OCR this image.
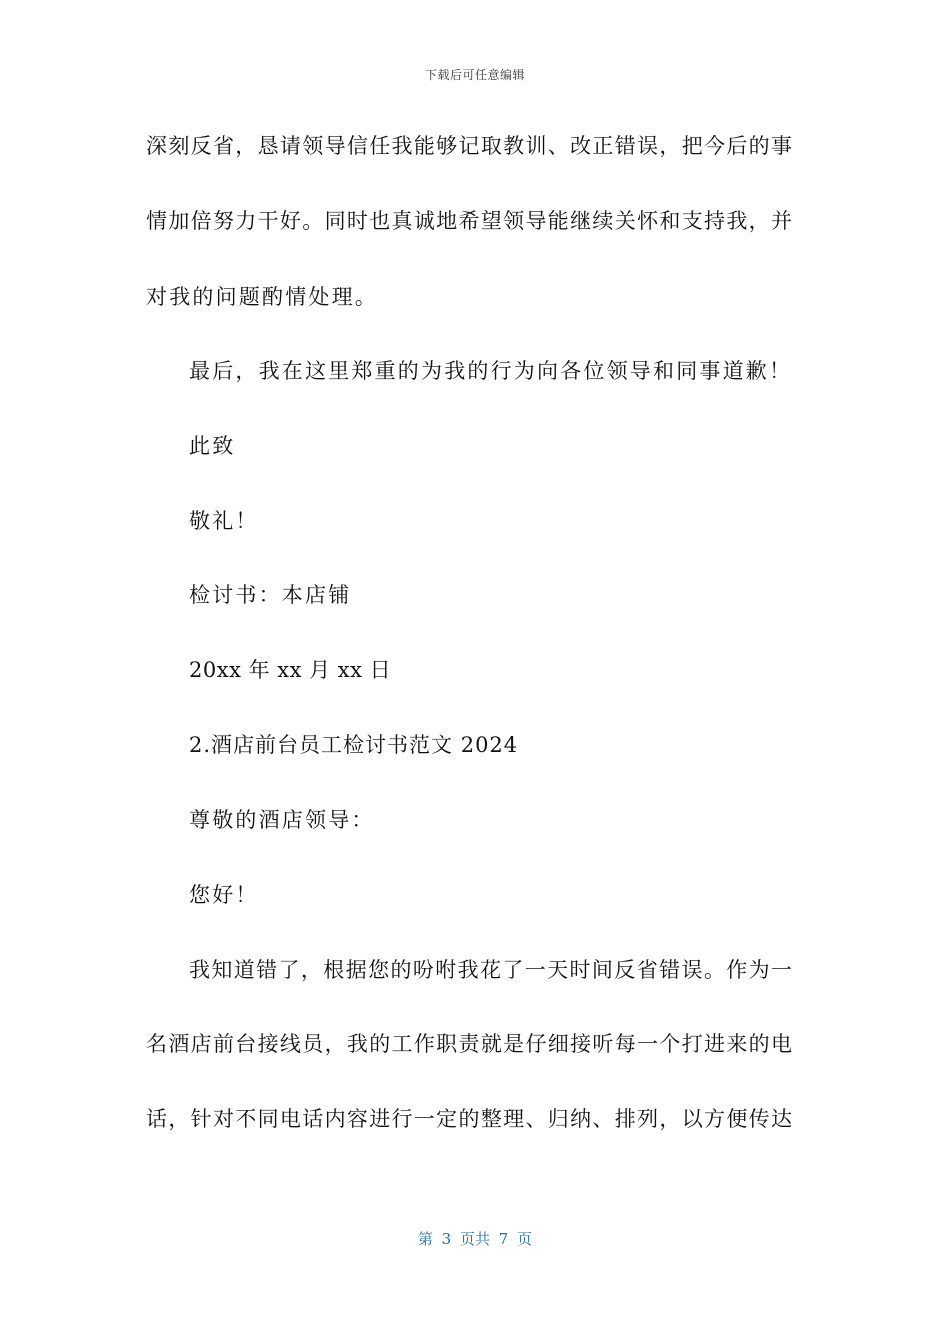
下载后可任意编辑
深刻反省，恳请领导信任我能够记取教训、改正错误，把今后的事
情加倍努力干好。同时也真诚地希望领导能继续关怀和支持我，并
对我的问题酌情处理。
最后，我在这里郑重的为我的行为向各位领导和同事道歉！
此致
敬礼！
检讨书：本店铺
20xx 年 xx 月 xx 日
2.酒店前台员工检讨书范文 2024
尊敬的酒店领导：
您好！
我知道错了，根据您的吩咐我花了一天时间反省错误。作为一
名酒店前台接线员，我的工作职责就是仔细接听每一个打进来的电
话，针对不同电话内容进行一定的整理、归纳、排列，以方便传达
第 3 页共 7 页
